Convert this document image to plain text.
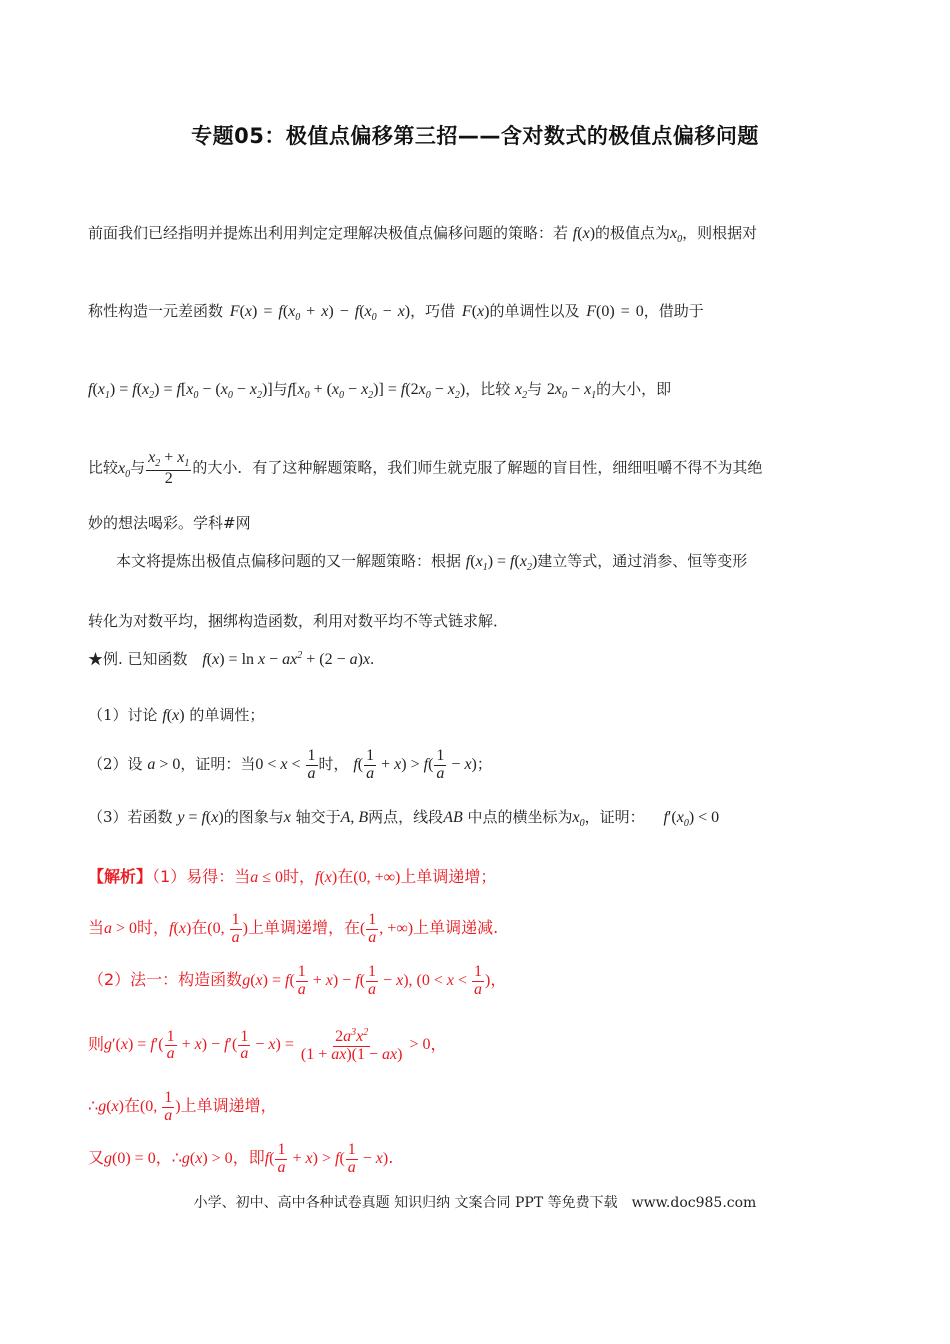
专题05：极值点偏移第三招——含对数式的极值点偏移问题
前面我们已经指明并提炼出利用判定定理解决极值点偏移问题的策略：若 f(x)的极值点为$x_0$，则根据对
称性构造一元差函数 $F(x) = f(x_0 + x) - f(x_0 - x)$，巧借 F(x)的单调性以及 F(0) = 0，借助于
$f(x_1) = f(x_2) = f[x_0 - (x_0 - x_2)]$与$f[x_0 + (x_0 - x_2)] = f(2x_0 - x_2)$，比较 $x_2$与 $2x_0 - x_1$的大小，即
比较$x_0$与 $\frac{x_2 + x_1}{2}$ 的大小．有了这种解题策略，我们师生就克服了解题的盲目性，细细咀嚼不得不为其绝
妙的想法喝彩。学科#网
本文将提炼出极值点偏移问题的又一解题策略：根据 $f(x_1) = f(x_2)$建立等式，通过消参、恒等变形
转化为对数平均，捆绑构造函数，利用对数平均不等式链求解．
★例. 已知函数 $f(x) = \ln x - ax^2 + (2 - a)x$.
（1）讨论 f(x) 的单调性；
（2）设 a > 0，证明：当$0 < x < \frac{1}{a}$ 时， $f( \frac{1}{a} + x) > f( \frac{1}{a} - x)$；
（3）若函数 y = f(x)的图象与x 轴交于A, B两点，线段AB 中点的横坐标为$x_0$，证明： $f'(x_0) < 0$
【解析】（1）易得：当a ≤ 0时，f(x)在(0, +∞)上单调递增；
当a > 0时，f(x)在(0, $\frac{1}{a}$ )上单调递增，在( $\frac{1}{a}$ , +∞)上单调递减.
（2）法一：构造函数$g(x) = f( \frac{1}{a} + x) - f( \frac{1}{a} - x)$, ($0 < x < \frac{1}{a}$ )，
则$g'(x) = f'( \frac{1}{a} + x) - f'( \frac{1}{a} - x) = \frac{2a^3x^2}{(1 + ax)(1 - ax)} > 0$，
∴g(x)在(0, $\frac{1}{a}$ )上单调递增，
又g(0) = 0，∴g(x) > 0，即$f( \frac{1}{a} + x) > f( \frac{1}{a} - x)$.
小学、初中、高中各种试卷真题 知识归纳 文案合同 PPT 等免费下载　www.doc985.com
